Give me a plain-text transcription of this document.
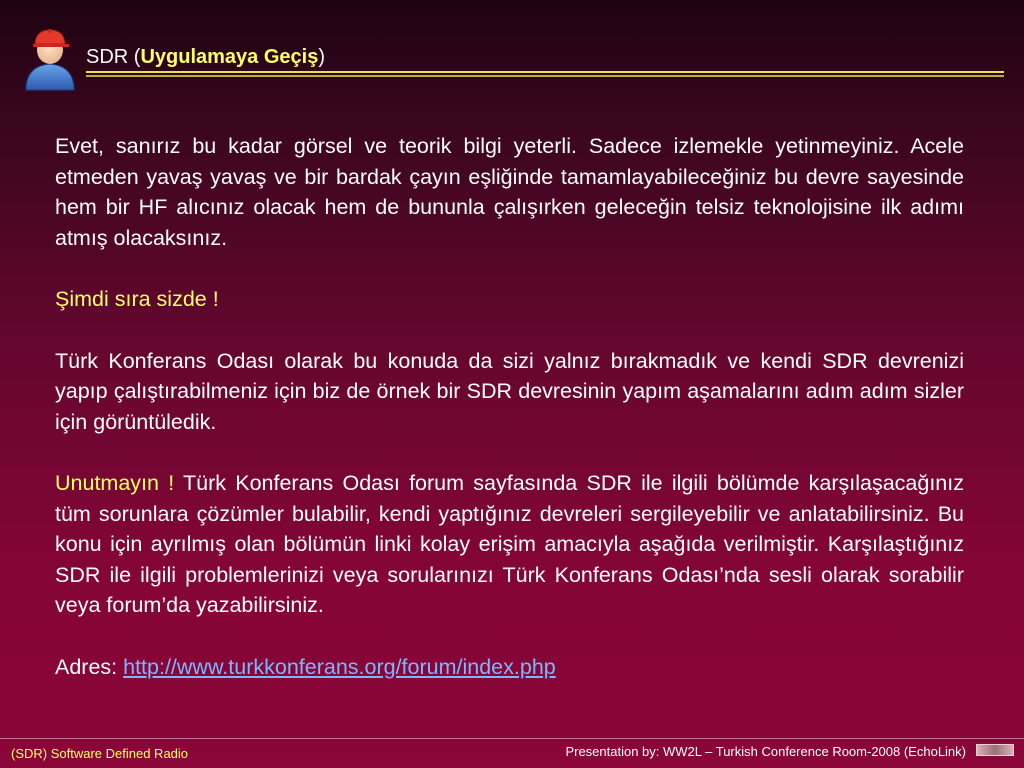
SDR (Uygulamaya Geçiş)

Evet, sanırız bu kadar görsel ve teorik bilgi yeterli. Sadece izlemekle yetinmeyiniz. Acele etmeden yavaş yavaş ve bir bardak çayın eşliğinde tamamlayabileceğiniz bu devre sayesinde hem bir HF alıcınız olacak hem de bununla çalışırken geleceğin telsiz teknolojisine ilk adımı atmış olacaksınız.

Şimdi sıra sizde !

Türk Konferans Odası olarak bu konuda da sizi yalnız bırakmadık ve kendi SDR devrenizi yapıp çalıştırabilmeniz için biz de örnek bir SDR devresinin yapım aşamalarını adım adım sizler için görüntüledik.

Unutmayın ! Türk Konferans Odası forum sayfasında SDR ile ilgili bölümde karşılaşacağınız tüm sorunlara çözümler bulabilir, kendi yaptığınız devreleri sergileyebilir ve anlatabilirsiniz. Bu konu için ayrılmış olan bölümün linki kolay erişim amacıyla aşağıda verilmiştir. Karşılaştığınız SDR ile ilgili problemlerinizi veya sorularınızı Türk Konferans Odası’nda sesli olarak sorabilir veya forum’da yazabilirsiniz.

Adres: http://www.turkkonferans.org/forum/index.php

(SDR) Software Defined Radio	Presentation by: WW2L – Turkish Conference Room-2008 (EchoLink)
